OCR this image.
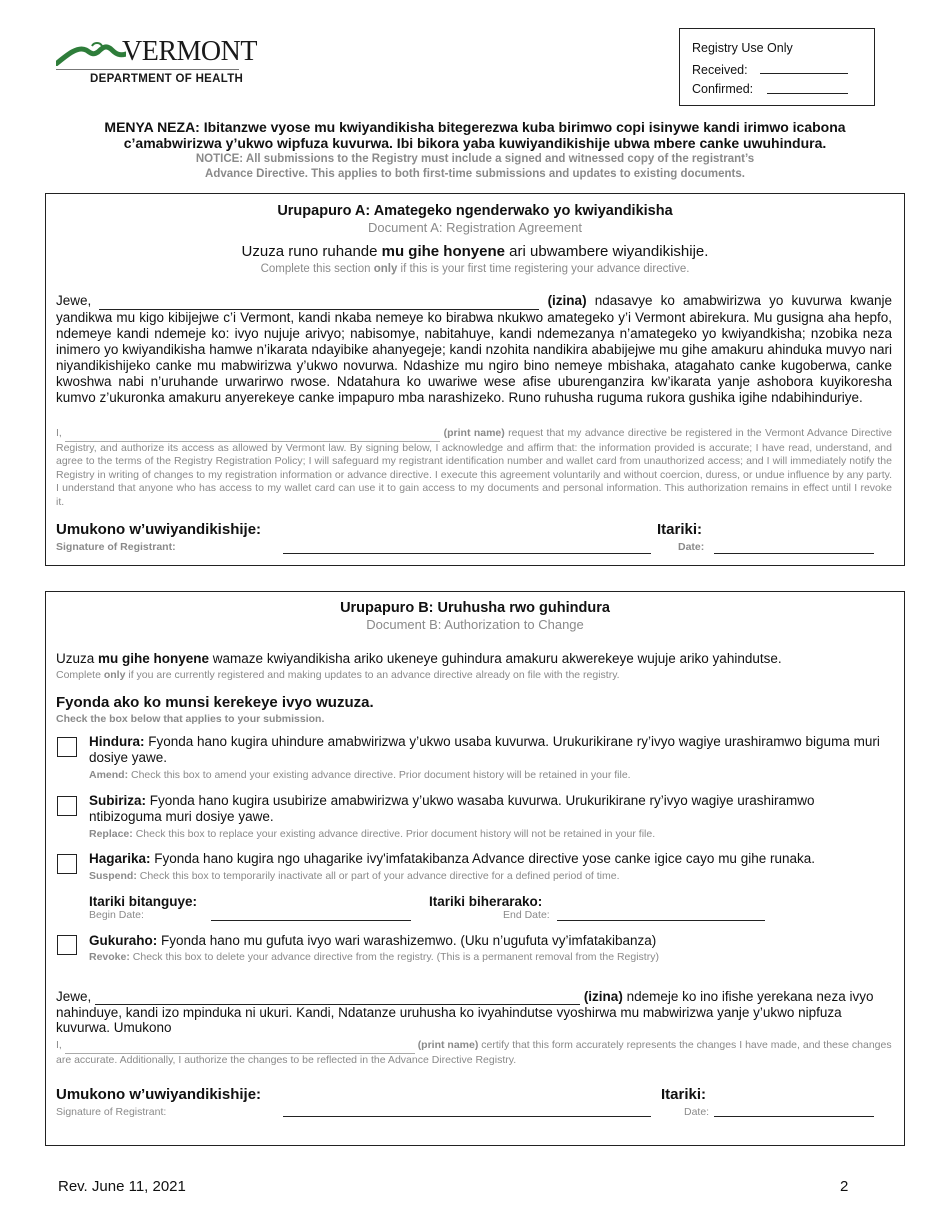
VERMONT
DEPARTMENT OF HEALTH
Registry Use Only
Received:
Confirmed:
MENYA NEZA: Ibitanzwe vyose mu kwiyandikisha bitegerezwa kuba birimwo copi isinywe kandi irimwo icabona
c’amabwirizwa y’ukwo wipfuza kuvurwa. Ibi bikora yaba kuwiyandikishije ubwa mbere canke uwuhindura.
NOTICE: All submissions to the Registry must include a signed and witnessed copy of the registrant’s
Advance Directive. This applies to both first-time submissions and updates to existing documents.
Urupapuro A: Amategeko ngenderwako yo kwiyandikisha
Document A: Registration Agreement
Uzuza runo ruhande mu gihe honyene ari ubwambere wiyandikishije.
Complete this section only if this is your first time registering your advance directive.
Jewe,	(izina) ndasavye ko amabwirizwa yo kuvurwa kwanje yandikwa mu kigo kibijejwe c’i Vermont, kandi nkaba nemeye ko birabwa nkukwo amategeko y’i Vermont abirekura. Mu gusigna aha hepfo, ndemeye kandi ndemeje ko: ivyo nujuje arivyo; nabisomye, nabitahuye, kandi ndemezanya n’amategeko yo kwiyandkisha; nzobika neza inimero yo kwiyandikisha hamwe n’ikarata ndayibike ahanyegeje; kandi nzohita nandikira ababijejwe mu gihe amakuru ahinduka muvyo nari niyandikishijeko canke mu mabwirizwa y’ukwo novurwa. Ndashize mu ngiro bino nemeye mbishaka, atagahato canke kugoberwa, canke kwoshwa nabi n’uruhande urwarirwo rwose. Ndatahura ko uwariwe wese afise uburenganzira kw’ikarata yanje ashobora kuyikoresha kumvo z’ukuronka amakuru anyerekeye canke impapuro mba narashizeko. Runo ruhusha ruguma rukora gushika igihe ndabihinduriye.
I,	(print name) request that my advance directive be registered in the Vermont Advance Directive Registry, and authorize its access as allowed by Vermont law. By signing below, I acknowledge and affirm that: the information provided is accurate; I have read, understand, and agree to the terms of the Registry Registration Policy; I will safeguard my registrant identification number and wallet card from unauthorized access; and I will immediately notify the Registry in writing of changes to my registration information or advance directive. I execute this agreement voluntarily and without coercion, duress, or undue influence by any party. I understand that anyone who has access to my wallet card can use it to gain access to my documents and personal information. This authorization remains in effect until I revoke it.
Umukono w’uwiyandikishije:
Signature of Registrant:
Itariki:
Date:
Urupapuro B: Uruhusha rwo guhindura
Document B: Authorization to Change
Uzuza mu gihe honyene wamaze kwiyandikisha ariko ukeneye guhindura amakuru akwerekeye wujuje ariko yahindutse.
Complete only if you are currently registered and making updates to an advance directive already on file with the registry.
Fyonda ako ko munsi kerekeye ivyo wuzuza.
Check the box below that applies to your submission.
Hindura: Fyonda hano kugira uhindure amabwirizwa y’ukwo usaba kuvurwa. Urukurikirane ry’ivyo wagiye urashiramwo biguma muri dosiye yawe.
Amend: Check this box to amend your existing advance directive. Prior document history will be retained in your file.
Subiriza: Fyonda hano kugira usubirize amabwirizwa y’ukwo wasaba kuvurwa. Urukurikirane ry’ivyo wagiye urashiramwo ntibizoguma muri dosiye yawe.
Replace: Check this box to replace your existing advance directive. Prior document history will not be retained in your file.
Hagarika: Fyonda hano kugira ngo uhagarike ivy'imfatakibanza Advance directive yose canke igice cayo mu gihe runaka.
Suspend: Check this box to temporarily inactivate all or part of your advance directive for a defined period of time.
Itariki bitanguye:
Begin Date:
Itariki biherarako:
End Date:
Gukuraho: Fyonda hano mu gufuta ivyo wari warashizemwo. (Uku n’ugufuta vy’imfatakibanza)
Revoke: Check this box to delete your advance directive from the registry. (This is a permanent removal from the Registry)
Jewe,	(izina) ndemeje ko ino ifishe yerekana neza ivyo nahinduye, kandi izo mpinduka ni ukuri. Kandi, Ndatanze uruhusha ko ivyahindutse vyoshirwa mu mabwirizwa yanje y’ukwo nipfuza kuvurwa. Umukono
I,	(print name) certify that this form accurately represents the changes I have made, and these changes are accurate. Additionally, I authorize the changes to be reflected in the Advance Directive Registry.
Umukono w’uwiyandikishije:
Signature of Registrant:
Itariki:
Date:
Rev. June 11, 2021	2
